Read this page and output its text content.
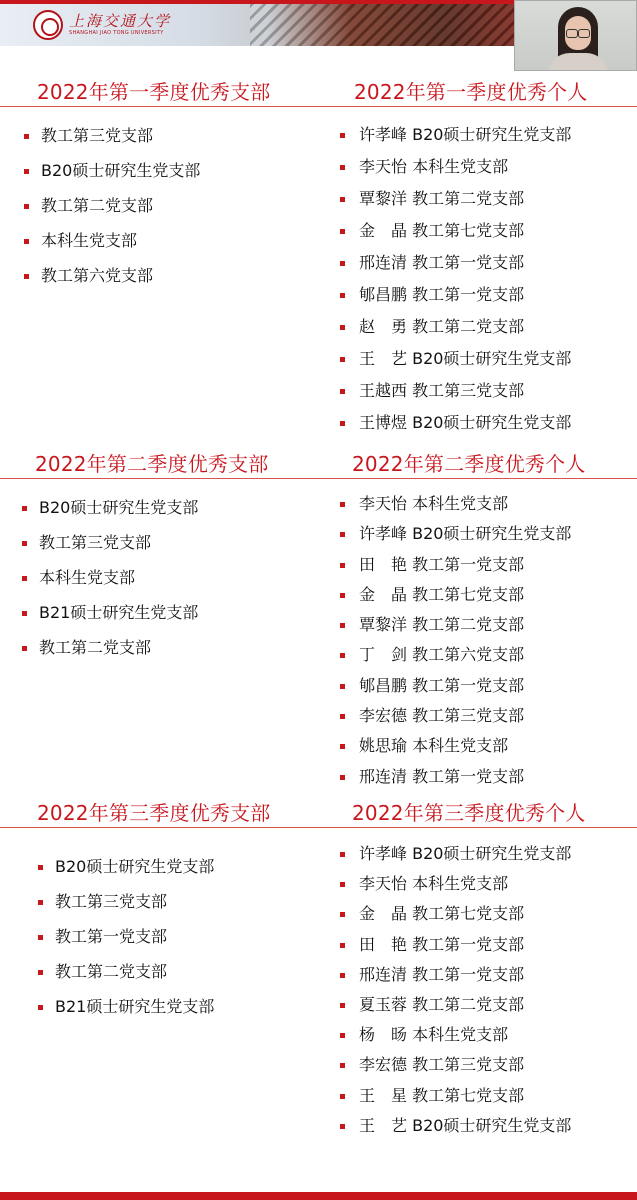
上海交通大学
SHANGHAI JIAO TONG UNIVERSITY
2022年第一季度优秀支部	2022年第一季度优秀个人
教工第三党支部
B20硕士研究生党支部
教工第二党支部
本科生党支部
教工第六党支部
许孝峰 B20硕士研究生党支部
李天怡 本科生党支部
覃黎洋 教工第二党支部
金　晶 教工第七党支部
邢连清 教工第一党支部
郇昌鹏 教工第一党支部
赵　勇 教工第二党支部
王　艺 B20硕士研究生党支部
王越西 教工第三党支部
王博煜 B20硕士研究生党支部
2022年第二季度优秀支部	2022年第二季度优秀个人
B20硕士研究生党支部
教工第三党支部
本科生党支部
B21硕士研究生党支部
教工第二党支部
李天怡 本科生党支部
许孝峰 B20硕士研究生党支部
田　艳 教工第一党支部
金　晶 教工第七党支部
覃黎洋 教工第二党支部
丁　剑 教工第六党支部
郇昌鹏 教工第一党支部
李宏德 教工第三党支部
姚思瑜 本科生党支部
邢连清 教工第一党支部
2022年第三季度优秀支部	2022年第三季度优秀个人
B20硕士研究生党支部
教工第三党支部
教工第一党支部
教工第二党支部
B21硕士研究生党支部
许孝峰 B20硕士研究生党支部
李天怡 本科生党支部
金　晶 教工第七党支部
田　艳 教工第一党支部
邢连清 教工第一党支部
夏玉蓉 教工第二党支部
杨　旸 本科生党支部
李宏德 教工第三党支部
王　星 教工第七党支部
王　艺 B20硕士研究生党支部
